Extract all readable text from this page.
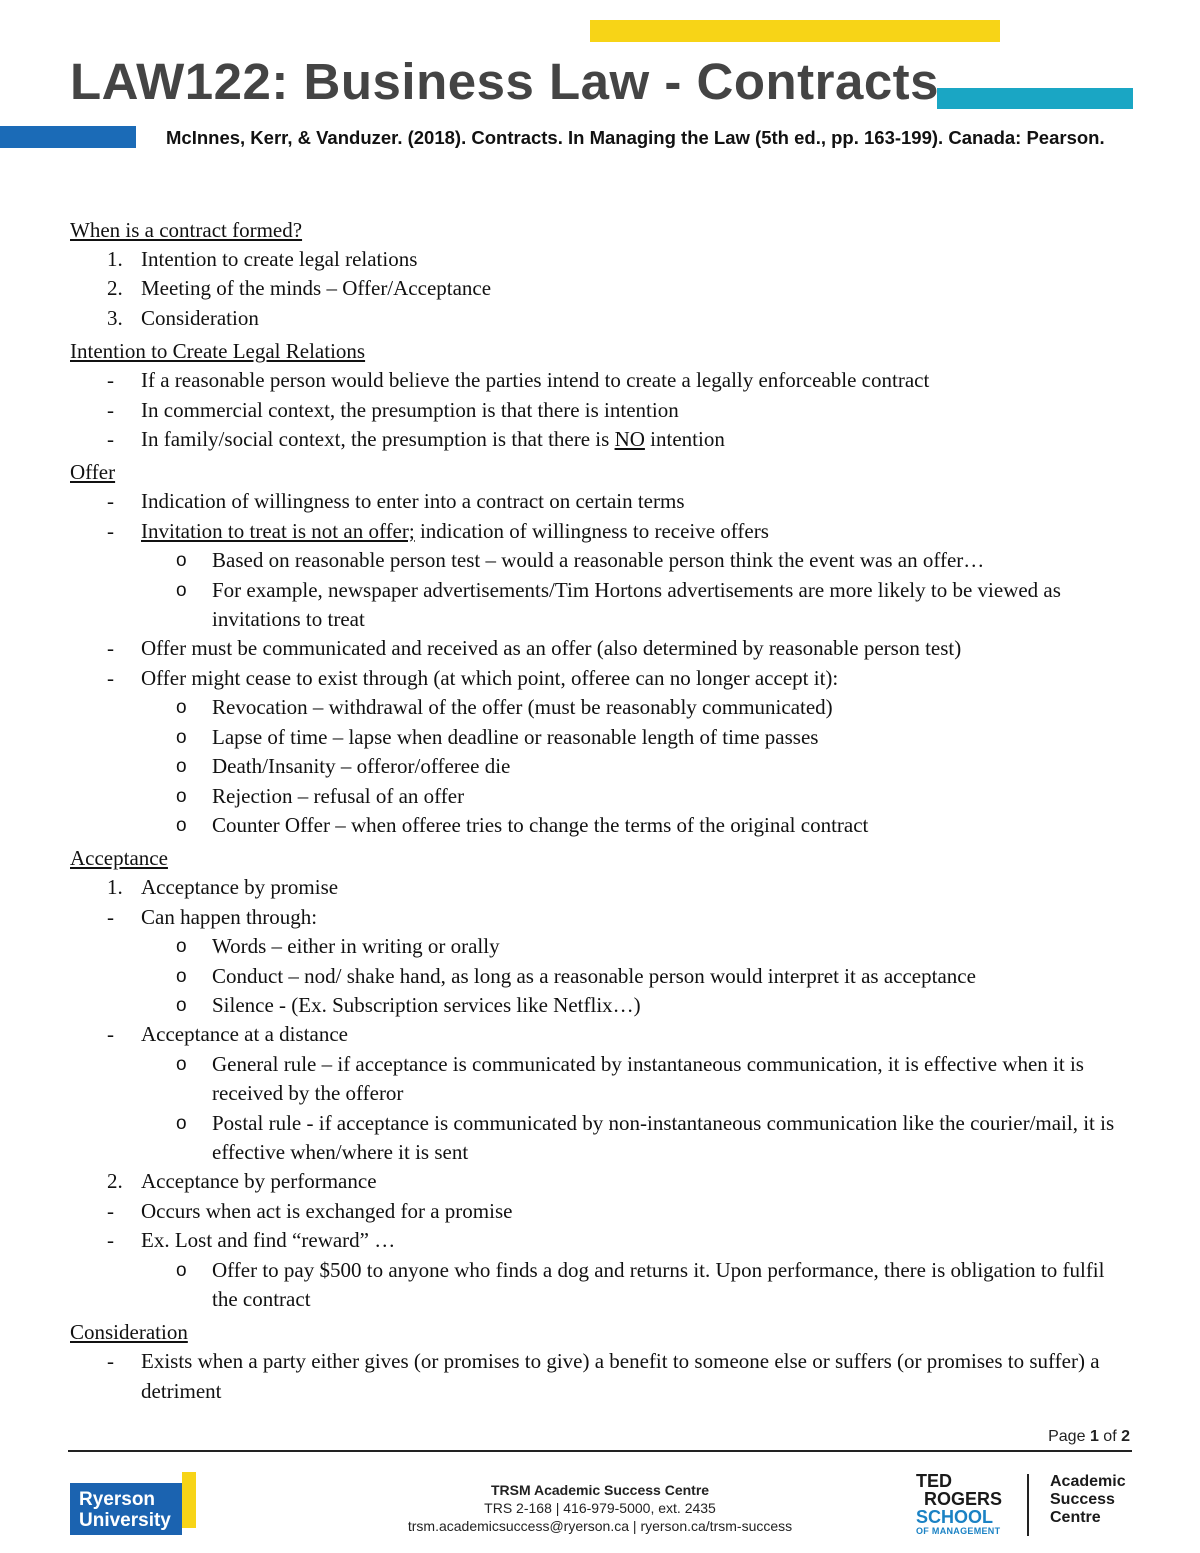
LAW122: Business Law - Contracts
McInnes, Kerr, & Vanduzer. (2018). Contracts. In Managing the Law (5th ed., pp. 163-199). Canada: Pearson.
When is a contract formed?
1. Intention to create legal relations
2. Meeting of the minds – Offer/Acceptance
3. Consideration
Intention to Create Legal Relations
- If a reasonable person would believe the parties intend to create a legally enforceable contract
- In commercial context, the presumption is that there is intention
- In family/social context, the presumption is that there is NO intention
Offer
- Indication of willingness to enter into a contract on certain terms
- Invitation to treat is not an offer; indication of willingness to receive offers
o Based on reasonable person test – would a reasonable person think the event was an offer…
o For example, newspaper advertisements/Tim Hortons advertisements are more likely to be viewed as invitations to treat
- Offer must be communicated and received as an offer (also determined by reasonable person test)
- Offer might cease to exist through (at which point, offeree can no longer accept it):
o Revocation – withdrawal of the offer (must be reasonably communicated)
o Lapse of time – lapse when deadline or reasonable length of time passes
o Death/Insanity – offeror/offeree die
o Rejection – refusal of an offer
o Counter Offer – when offeree tries to change the terms of the original contract
Acceptance
1. Acceptance by promise
- Can happen through:
o Words – either in writing or orally
o Conduct – nod/ shake hand, as long as a reasonable person would interpret it as acceptance
o Silence - (Ex. Subscription services like Netflix…)
- Acceptance at a distance
o General rule – if acceptance is communicated by instantaneous communication, it is effective when it is received by the offeror
o Postal rule - if acceptance is communicated by non-instantaneous communication like the courier/mail, it is effective when/where it is sent
2. Acceptance by performance
- Occurs when act is exchanged for a promise
- Ex. Lost and find “reward” …
o Offer to pay $500 to anyone who finds a dog and returns it. Upon performance, there is obligation to fulfil the contract
Consideration
- Exists when a party either gives (or promises to give) a benefit to someone else or suffers (or promises to suffer) a detriment
Page 1 of 2
Ryerson
University
TRSM Academic Success Centre
TRS 2-168 | 416-979-5000, ext. 2435
trsm.academicsuccess@ryerson.ca | ryerson.ca/trsm-success
TED
ROGERS
SCHOOL
OF MANAGEMENT
Academic
Success
Centre
